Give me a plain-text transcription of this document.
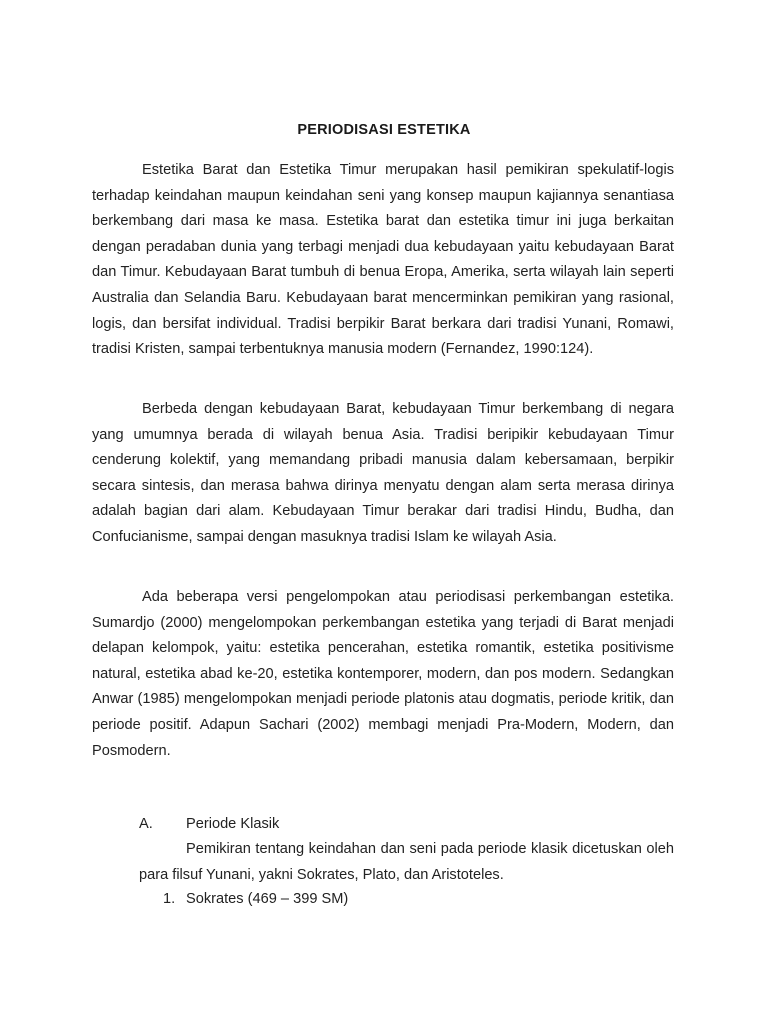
PERIODISASI ESTETIKA

Estetika Barat dan Estetika Timur merupakan hasil pemikiran spekulatif-logis terhadap keindahan maupun keindahan seni yang konsep maupun kajiannya senantiasa berkembang dari masa ke masa. Estetika barat dan estetika timur ini juga berkaitan dengan peradaban dunia yang terbagi menjadi dua kebudayaan yaitu kebudayaan Barat dan Timur. Kebudayaan Barat tumbuh di benua Eropa, Amerika, serta wilayah lain seperti Australia dan Selandia Baru. Kebudayaan barat mencerminkan pemikiran yang rasional, logis, dan bersifat individual. Tradisi berpikir Barat berkara dari tradisi Yunani, Romawi, tradisi Kristen, sampai terbentuknya manusia modern (Fernandez, 1990:124).

Berbeda dengan kebudayaan Barat, kebudayaan Timur berkembang di negara yang umumnya berada di wilayah benua Asia. Tradisi beripikir kebudayaan Timur cenderung kolektif, yang memandang pribadi manusia dalam kebersamaan, berpikir secara sintesis, dan merasa bahwa dirinya menyatu dengan alam serta merasa dirinya adalah bagian dari alam. Kebudayaan Timur berakar dari tradisi Hindu, Budha, dan Confucianisme, sampai dengan masuknya tradisi Islam ke wilayah Asia.

Ada beberapa versi pengelompokan atau periodisasi perkembangan estetika. Sumardjo (2000) mengelompokan perkembangan estetika yang terjadi di Barat menjadi delapan kelompok, yaitu: estetika pencerahan, estetika romantik, estetika positivisme natural, estetika abad ke-20, estetika kontemporer, modern, dan pos modern. Sedangkan Anwar (1985) mengelompokan menjadi periode platonis atau dogmatis, periode kritik, dan periode positif. Adapun Sachari (2002) membagi menjadi Pra-Modern, Modern, dan Posmodern.

A. Periode Klasik

Pemikiran tentang keindahan dan seni pada periode klasik dicetuskan oleh para filsuf Yunani, yakni Sokrates, Plato, dan Aristoteles.

1. Sokrates (469 – 399 SM)
